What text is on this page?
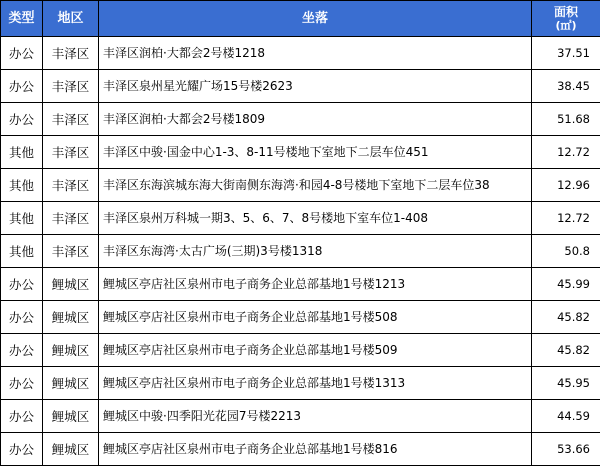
类型	地区	坐落	面积
(㎡)

办公	丰泽区	丰泽区润柏·大都会2号楼1218	37.51
办公	丰泽区	丰泽区泉州星光耀广场15号楼2623	38.45
办公	丰泽区	丰泽区润柏·大都会2号楼1809	51.68
其他	丰泽区	丰泽区中骏·国金中心1-3、8-11号楼地下室地下二层车位451	12.72
其他	丰泽区	丰泽区东海滨城东海大街南侧东海湾·和园4-8号楼地下室地下二层车位38	12.96
其他	丰泽区	丰泽区泉州万科城一期3、5、6、7、8号楼地下室车位1-408	12.72
其他	丰泽区	丰泽区东海湾·太古广场(三期)3号楼1318	50.8
办公	鲤城区	鲤城区亭店社区泉州市电子商务企业总部基地1号楼1213	45.99
办公	鲤城区	鲤城区亭店社区泉州市电子商务企业总部基地1号楼508	45.82
办公	鲤城区	鲤城区亭店社区泉州市电子商务企业总部基地1号楼509	45.82
办公	鲤城区	鲤城区亭店社区泉州市电子商务企业总部基地1号楼1313	45.95
办公	鲤城区	鲤城区中骏·四季阳光花园7号楼2213	44.59
办公	鲤城区	鲤城区亭店社区泉州市电子商务企业总部基地1号楼816	53.66
